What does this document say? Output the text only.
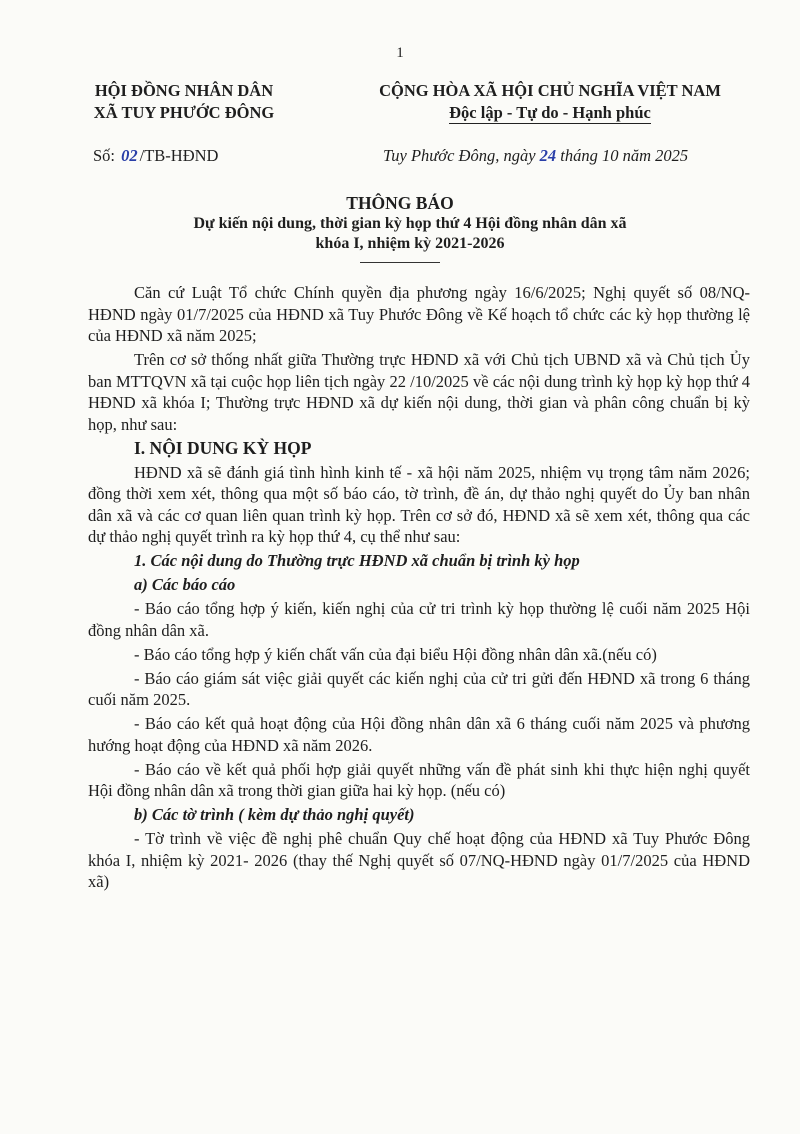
1
HỘI ĐỒNG NHÂN DÂN
XÃ TUY PHƯỚC ĐÔNG
CỘNG HÒA XÃ HỘI CHỦ NGHĨA VIỆT NAM
Độc lập - Tự do - Hạnh phúc
Số: 02 /TB-HĐND	Tuy Phước Đông, ngày 24 tháng 10 năm 2025
THÔNG BÁO
Dự kiến nội dung, thời gian kỳ họp thứ 4 Hội đồng nhân dân xã
khóa I, nhiệm kỳ 2021-2026

Căn cứ Luật Tổ chức Chính quyền địa phương ngày 16/6/2025; Nghị quyết số 08/NQ-HĐND ngày 01/7/2025 của HĐND xã Tuy Phước Đông về Kế hoạch tổ chức các kỳ họp thường lệ của HĐND xã năm 2025;

Trên cơ sở thống nhất giữa Thường trực HĐND xã với Chủ tịch UBND xã và Chủ tịch Ủy ban MTTQVN xã tại cuộc họp liên tịch ngày 22 /10/2025 về các nội dung trình kỳ họp kỳ họp thứ 4 HĐND xã khóa I; Thường trực HĐND xã dự kiến nội dung, thời gian và phân công chuẩn bị kỳ họp, như sau:

I. NỘI DUNG KỲ HỌP

HĐND xã sẽ đánh giá tình hình kinh tế - xã hội năm 2025, nhiệm vụ trọng tâm năm 2026; đồng thời xem xét, thông qua một số báo cáo, tờ trình, đề án, dự thảo nghị quyết do Ủy ban nhân dân xã và các cơ quan liên quan trình kỳ họp. Trên cơ sở đó, HĐND xã sẽ xem xét, thông qua các dự thảo nghị quyết trình ra kỳ họp thứ 4, cụ thể như sau:

1. Các nội dung do Thường trực HĐND xã chuẩn bị trình kỳ họp

a) Các báo cáo

- Báo cáo tổng hợp ý kiến, kiến nghị của cử tri trình kỳ họp thường lệ cuối năm 2025 Hội đồng nhân dân xã.

- Báo cáo tổng hợp ý kiến chất vấn của đại biểu Hội đồng nhân dân xã.(nếu có)

- Báo cáo giám sát việc giải quyết các kiến nghị của cử tri gửi đến HĐND xã trong 6 tháng cuối năm 2025.

- Báo cáo kết quả hoạt động của Hội đồng nhân dân xã 6 tháng cuối năm 2025 và phương hướng hoạt động của HĐND xã năm 2026.

- Báo cáo về kết quả phối hợp giải quyết những vấn đề phát sinh khi thực hiện nghị quyết Hội đồng nhân dân xã trong thời gian giữa hai kỳ họp. (nếu có)

b) Các tờ trình ( kèm dự thảo nghị quyết)

- Tờ trình về việc đề nghị phê chuẩn Quy chế hoạt động của HĐND xã Tuy Phước Đông khóa I, nhiệm kỳ 2021- 2026 (thay thế Nghị quyết số 07/NQ-HĐND ngày 01/7/2025 của HĐND xã)
